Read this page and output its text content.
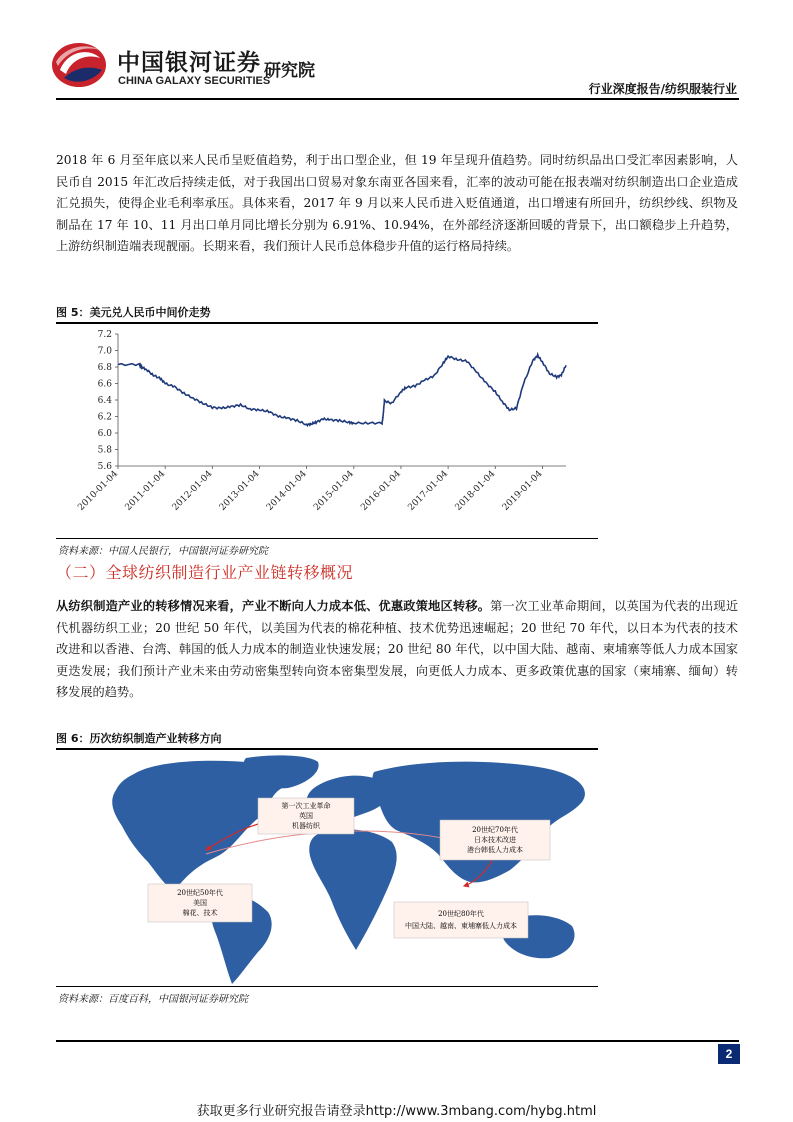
中国银河证券
CHINA GALAXY SECURITIES
研究院
行业深度报告/纺织服装行业

2018 年 6 月至年底以来人民币呈贬值趋势，利于出口型企业，但 19 年呈现升值趋势。同时纺织品出口受汇率因素影响，人民币自 2015 年汇改后持续走低，对于我国出口贸易对象东南亚各国来看，汇率的波动可能在报表端对纺织制造出口企业造成汇兑损失，使得企业毛利率承压。具体来看，2017 年 9 月以来人民币进入贬值通道，出口增速有所回升，纺织纱线、织物及制品在 17 年 10、11 月出口单月同比增长分别为 6.91%、10.94%，在外部经济逐渐回暖的背景下，出口额稳步上升趋势，上游纺织制造端表现靓丽。长期来看，我们预计人民币总体稳步升值的运行格局持续。

图 5：美元兑人民币中间价走势
7.2
7.0
6.8
6.6
6.4
6.2
6.0
5.8
5.6
2010-01-04 2011-01-04 2012-01-04 2013-01-04 2014-01-04 2015-01-04 2016-01-04 2017-01-04 2018-01-04 2019-01-04
资料来源：中国人民银行，中国银河证券研究院
（二）全球纺织制造行业产业链转移概况

从纺织制造产业的转移情况来看，产业不断向人力成本低、优惠政策地区转移。第一次工业革命期间，以英国为代表的出现近代机器纺织工业；20 世纪 50 年代，以美国为代表的棉花种植、技术优势迅速崛起；20 世纪 70 年代，以日本为代表的技术改进和以香港、台湾、韩国的低人力成本的制造业快速发展；20 世纪 80 年代，以中国大陆、越南、柬埔寨等低人力成本国家更迭发展；我们预计产业未来由劳动密集型转向资本密集型发展，向更低人力成本、更多政策优惠的国家（柬埔寨、缅甸）转移发展的趋势。

图 6：历次纺织制造产业转移方向
第一次工业革命
英国
机器纺织
20世纪50年代
美国
棉花、技术
20世纪70年代
日本技术改进
港台韩低人力成本
20世纪80年代
中国大陆、越南、柬埔寨低人力成本
资料来源：百度百科，中国银河证券研究院
2
获取更多行业研究报告请登录http://www.3mbang.com/hybg.html
